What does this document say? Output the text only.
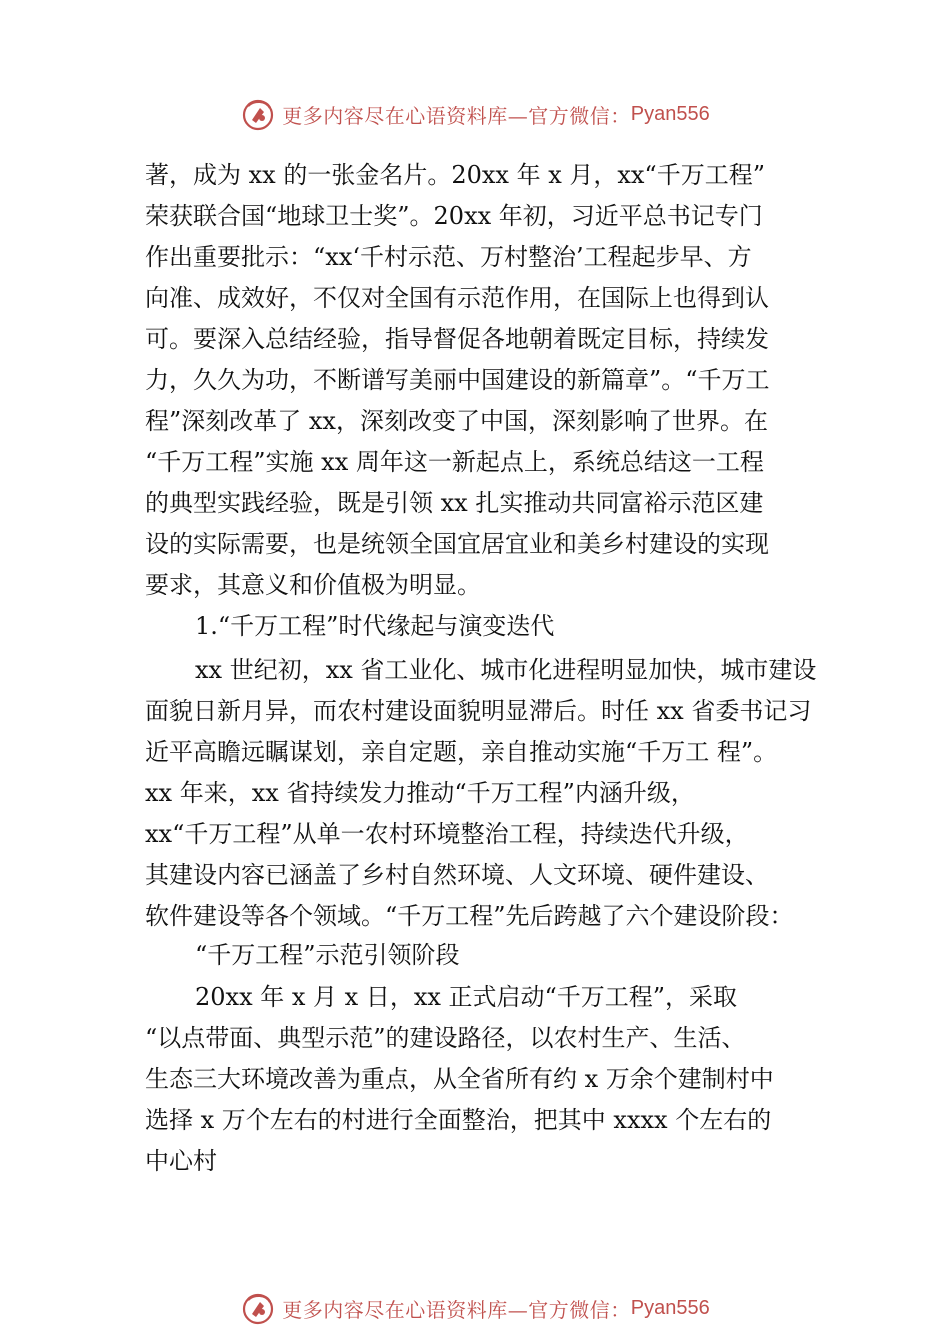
更多内容尽在心语资料库—官方微信： Pyan556
著，成为 xx 的一张金名片。20xx 年 x 月，xx“千万工程”
荣获联合国“地球卫士奖”。20xx 年初，习近平总书记专门
作出重要批示：“xx‘千村示范、万村整治’工程起步早、方
向准、成效好，不仅对全国有示范作用，在国际上也得到认
可。要深入总结经验，指导督促各地朝着既定目标，持续发
力，久久为功，不断谱写美丽中国建设的新篇章”。“千万工
程”深刻改革了 xx，深刻改变了中国，深刻影响了世界。在
“千万工程”实施 xx 周年这一新起点上，系统总结这一工程
的典型实践经验，既是引领 xx 扎实推动共同富裕示范区建
设的实际需要，也是统领全国宜居宜业和美乡村建设的实现
要求，其意义和价值极为明显。
1.“千万工程”时代缘起与演变迭代
xx 世纪初，xx 省工业化、城市化进程明显加快，城市建设
面貌日新月异，而农村建设面貌明显滞后。时任 xx 省委书记习
近平高瞻远瞩谋划，亲自定题，亲自推动实施“千万工 程”。
xx 年来，xx 省持续发力推动“千万工程”内涵升级，
xx“千万工程”从单一农村环境整治工程，持续迭代升级，
其建设内容已涵盖了乡村自然环境、人文环境、硬件建设、
软件建设等各个领域。“千万工程”先后跨越了六个建设阶段：
“千万工程”示范引领阶段
20xx 年 x 月 x 日，xx 正式启动“千万工程”，采取
“以点带面、典型示范”的建设路径，以农村生产、生活、
生态三大环境改善为重点，从全省所有约 x 万余个建制村中
选择 x 万个左右的村进行全面整治，把其中 xxxx 个左右的
中心村
更多内容尽在心语资料库—官方微信： Pyan556
